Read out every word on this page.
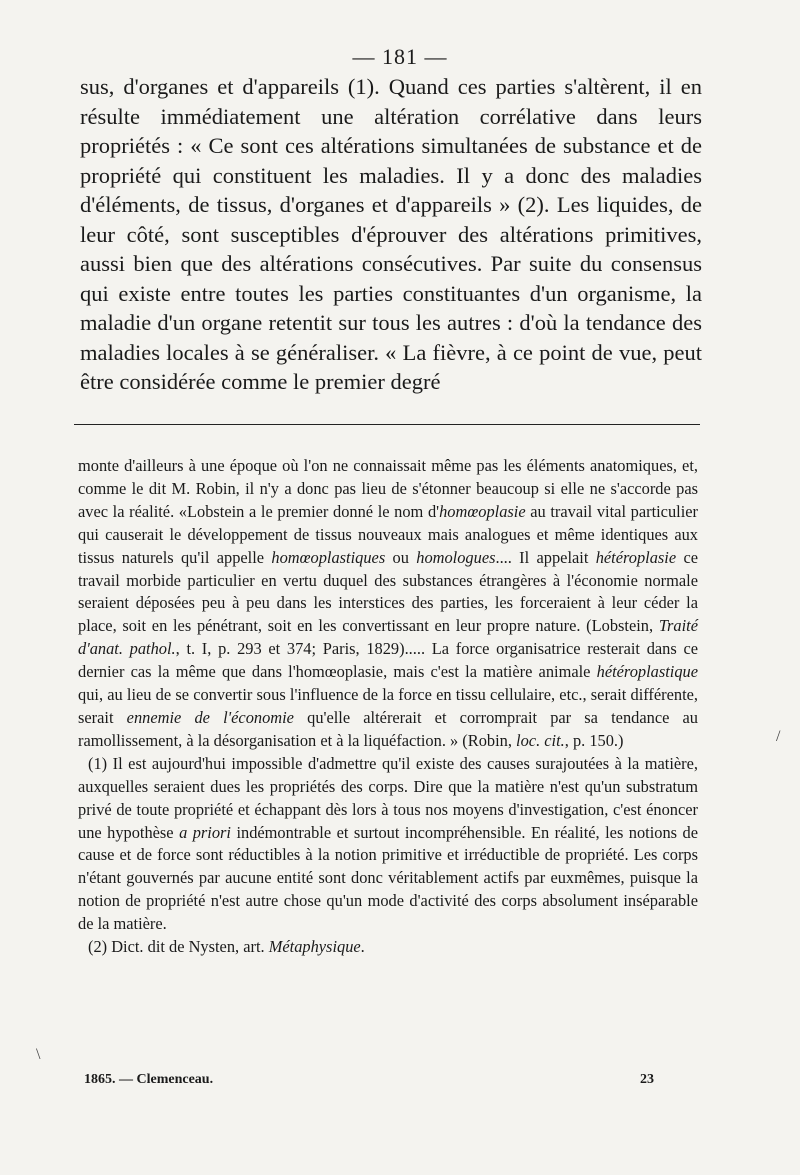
— 181 —

sus, d'organes et d'appareils (1). Quand ces parties s'altèrent, il en résulte immédiatement une altération corrélative dans leurs propriétés : « Ce sont ces altérations simultanées de substance et de propriété qui constituent les maladies. Il y a donc des maladies d'éléments, de tissus, d'organes et d'appareils » (2). Les liquides, de leur côté, sont susceptibles d'éprouver des altérations primitives, aussi bien que des altérations consécutives. Par suite du consensus qui existe entre toutes les parties constituantes d'un organisme, la maladie d'un organe retentit sur tous les autres : d'où la tendance des maladies locales à se généraliser. « La fièvre, à ce point de vue, peut être considérée comme le premier degré

monte d'ailleurs à une époque où l'on ne connaissait même pas les éléments anatomiques, et, comme le dit M. Robin, il n'y a donc pas lieu de s'étonner beaucoup si elle ne s'accorde pas avec la réalité. «Lobstein a le premier donné le nom d'homœoplasie au travail vital particulier qui causerait le développement de tissus nouveaux mais analogues et même identiques aux tissus naturels qu'il appelle homœoplastiques ou homologues.... Il appelait hétéroplasie ce travail morbide particulier en vertu duquel des substances étrangères à l'économie normale seraient déposées peu à peu dans les interstices des parties, les forceraient à leur céder la place, soit en les pénétrant, soit en les convertissant en leur propre nature. (Lobstein, Traité d'anat. pathol., t. I, p. 293 et 374; Paris, 1829)..... La force organisatrice resterait dans ce dernier cas la même que dans l'homœoplasie, mais c'est la matière animale hétéroplastique qui, au lieu de se convertir sous l'influence de la force en tissu cellulaire, etc., serait différente, serait ennemie de l'économie qu'elle altérerait et corromprait par sa tendance au ramollissement, à la désorganisation et à la liquéfaction. » (Robin, loc. cit., p. 150.)

(1) Il est aujourd'hui impossible d'admettre qu'il existe des causes surajoutées à la matière, auxquelles seraient dues les propriétés des corps. Dire que la matière n'est qu'un substratum privé de toute propriété et échappant dès lors à tous nos moyens d'investigation, c'est énoncer une hypothèse a priori indémontrable et surtout incompréhensible. En réalité, les notions de cause et de force sont réductibles à la notion primitive et irréductible de propriété. Les corps n'étant gouvernés par aucune entité sont donc véritablement actifs par euxmêmes, puisque la notion de propriété n'est autre chose qu'un mode d'activité des corps absolument inséparable de la matière.

(2) Dict. dit de Nysten, art. Métaphysique.

1865. — Clemenceau.	23
/
\
